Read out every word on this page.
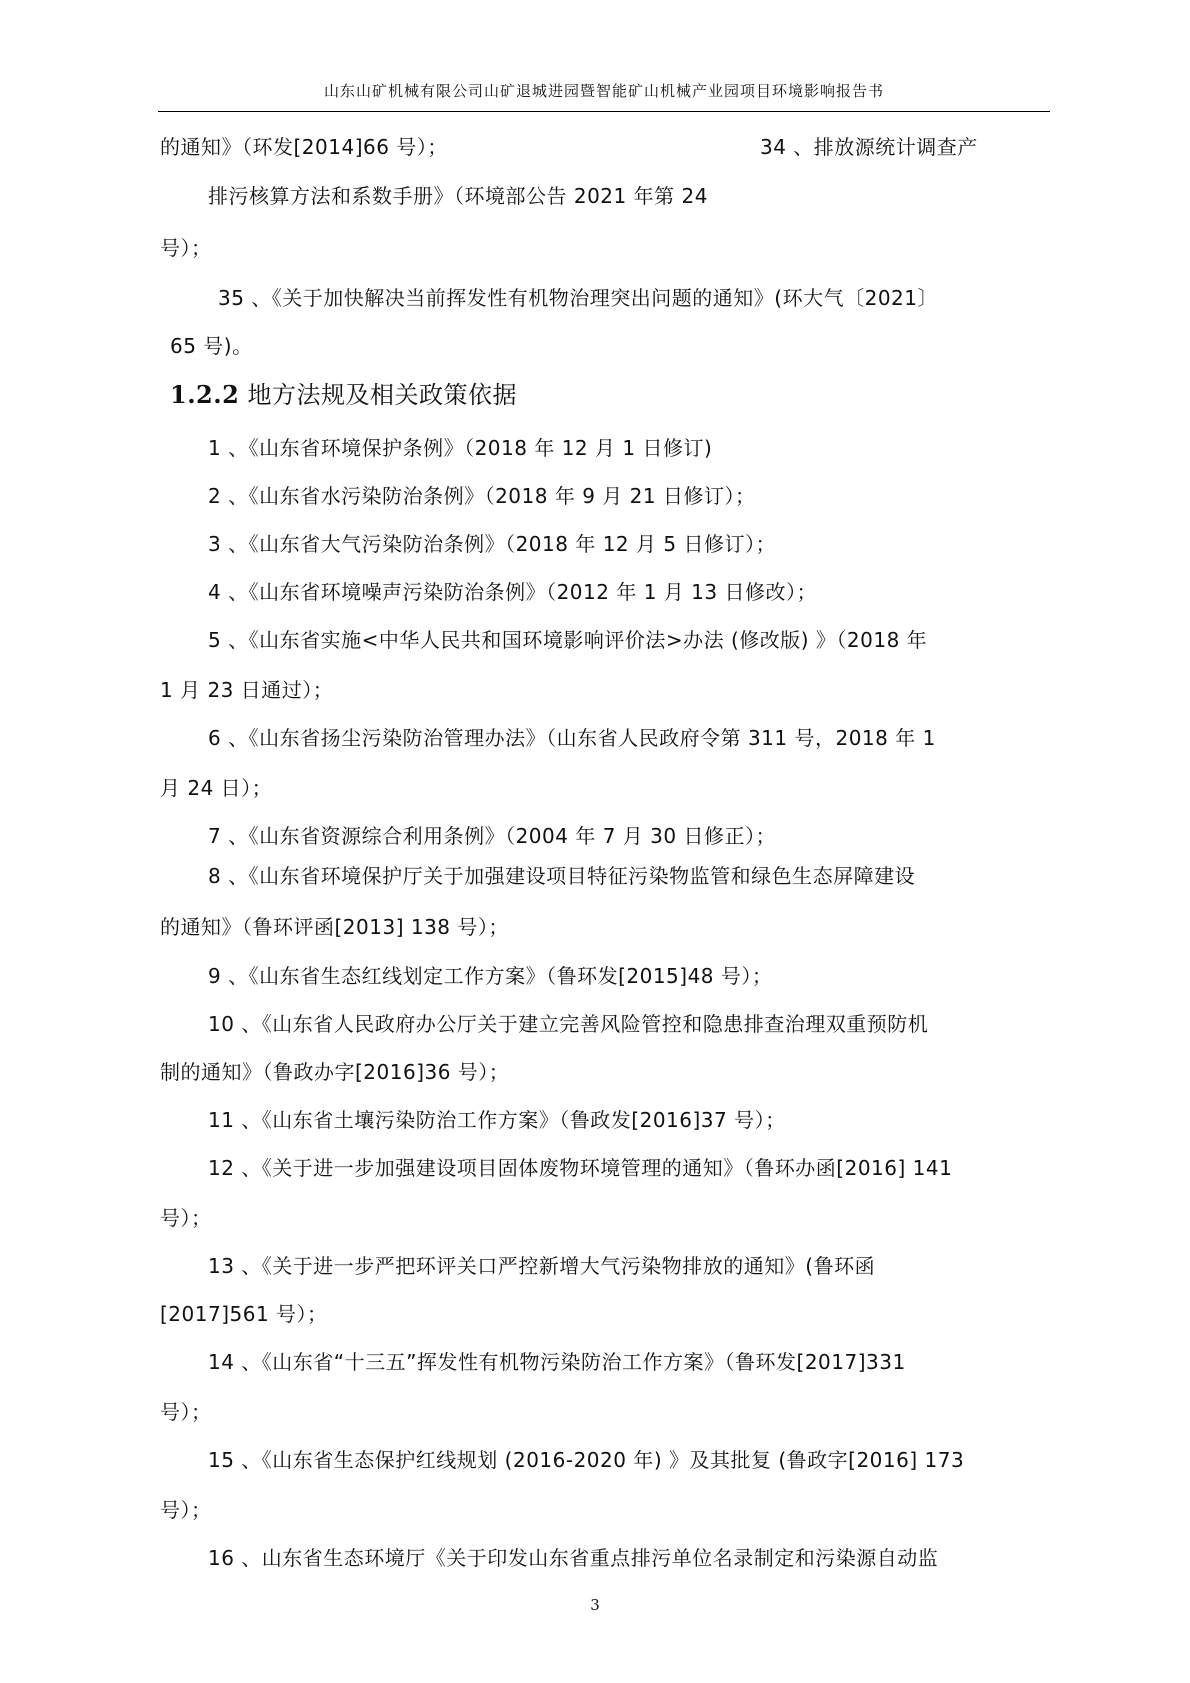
山东山矿机械有限公司山矿退城进园暨智能矿山机械产业园项目环境影响报告书
的通知》（环发[2014]66 号）；	34 、排放源统计调查产
排污核算方法和系数手册》（环境部公告 2021 年第 24
号）；
35 、《关于加快解决当前挥发性有机物治理突出问题的通知》(环大气〔2021〕
65 号)。
1.2.2 地方法规及相关政策依据
1 、《山东省环境保护条例》（2018 年 12 月 1 日修订)
2 、《山东省水污染防治条例》（2018 年 9 月 21 日修订）；
3 、《山东省大气污染防治条例》（2018 年 12 月 5 日修订）；
4 、《山东省环境噪声污染防治条例》（2012 年 1 月 13 日修改）；
5 、《山东省实施<中华人民共和国环境影响评价法>办法 (修改版) 》（2018 年
1 月 23 日通过）；
6 、《山东省扬尘污染防治管理办法》（山东省人民政府令第 311 号，2018 年 1
月 24 日）；
7 、《山东省资源综合利用条例》（2004 年 7 月 30 日修正）；
8 、《山东省环境保护厅关于加强建设项目特征污染物监管和绿色生态屏障建设
的通知》（鲁环评函[2013] 138 号）；
9 、《山东省生态红线划定工作方案》（鲁环发[2015]48 号）；
10 、《山东省人民政府办公厅关于建立完善风险管控和隐患排查治理双重预防机
制的通知》（鲁政办字[2016]36 号）；
11 、《山东省土壤污染防治工作方案》（鲁政发[2016]37 号）；
12 、《关于进一步加强建设项目固体废物环境管理的通知》（鲁环办函[2016] 141
号）；
13 、《关于进一步严把环评关口严控新增大气污染物排放的通知》(鲁环函
[2017]561 号）；
14 、《山东省“十三五”挥发性有机物污染防治工作方案》（鲁环发[2017]331
号）；
15 、《山东省生态保护红线规划 (2016-2020 年) 》及其批复 (鲁政字[2016] 173
号）；
16 、山东省生态环境厅《关于印发山东省重点排污单位名录制定和污染源自动监
3
